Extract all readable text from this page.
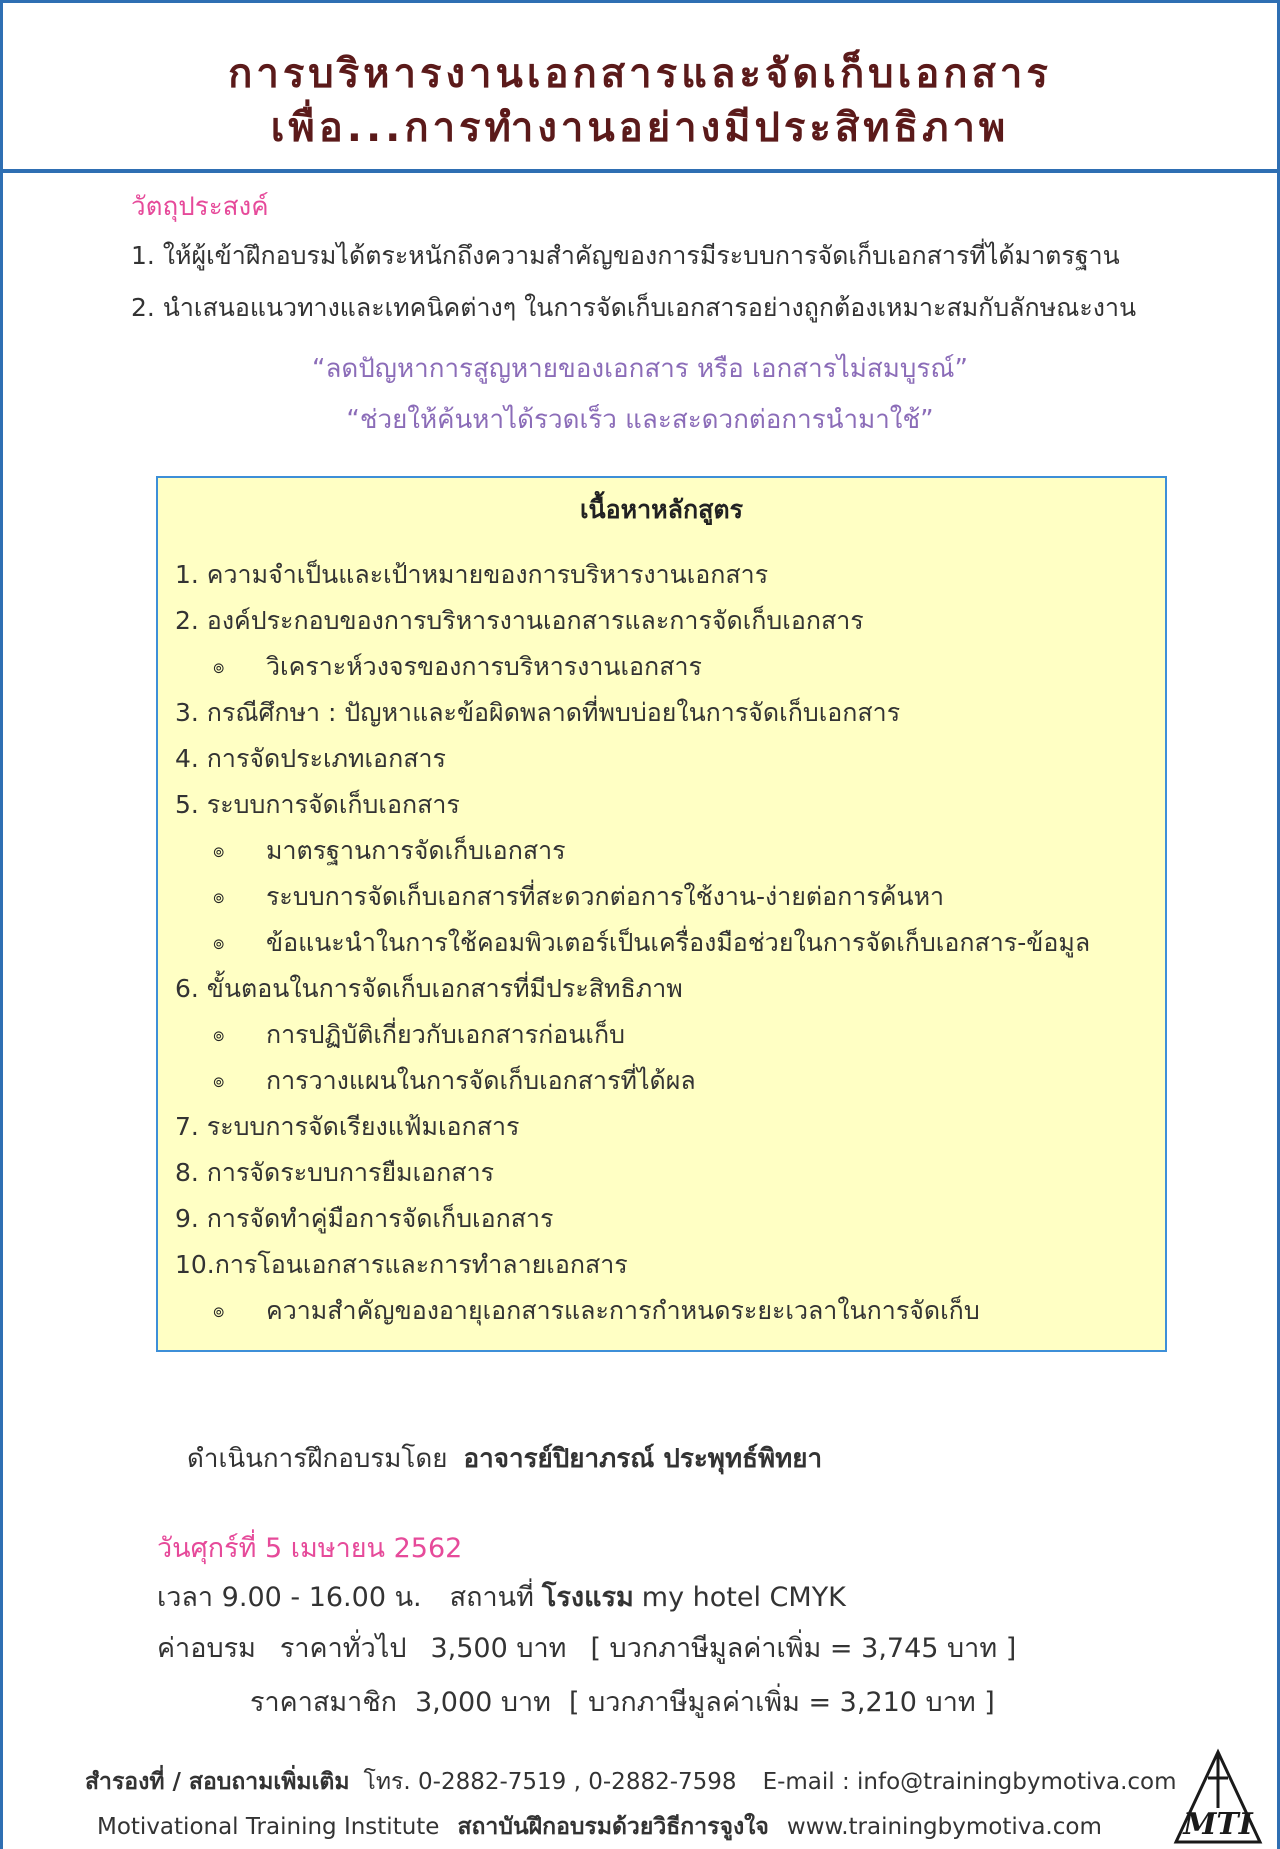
การบริหารงานเอกสารและจัดเก็บเอกสาร
เพื่อ...การทำงานอย่างมีประสิทธิภาพ
วัตถุประสงค์
1. ให้ผู้เข้าฝึกอบรมได้ตระหนักถึงความสำคัญของการมีระบบการจัดเก็บเอกสารที่ได้มาตรฐาน
2. นำเสนอแนวทางและเทคนิคต่างๆ ในการจัดเก็บเอกสารอย่างถูกต้องเหมาะสมกับลักษณะงาน
“ลดปัญหาการสูญหายของเอกสาร หรือ เอกสารไม่สมบูรณ์”
“ช่วยให้ค้นหาได้รวดเร็ว และสะดวกต่อการนำมาใช้”
เนื้อหาหลักสูตร
1. ความจำเป็นและเป้าหมายของการบริหารงานเอกสาร
2. องค์ประกอบของการบริหารงานเอกสารและการจัดเก็บเอกสาร
๏ วิเคราะห์วงจรของการบริหารงานเอกสาร
3. กรณีศึกษา : ปัญหาและข้อผิดพลาดที่พบบ่อยในการจัดเก็บเอกสาร
4. การจัดประเภทเอกสาร
5. ระบบการจัดเก็บเอกสาร
๏ มาตรฐานการจัดเก็บเอกสาร
๏ ระบบการจัดเก็บเอกสารที่สะดวกต่อการใช้งาน-ง่ายต่อการค้นหา
๏ ข้อแนะนำในการใช้คอมพิวเตอร์เป็นเครื่องมือช่วยในการจัดเก็บเอกสาร-ข้อมูล
6. ขั้นตอนในการจัดเก็บเอกสารที่มีประสิทธิภาพ
๏ การปฏิบัติเกี่ยวกับเอกสารก่อนเก็บ
๏ การวางแผนในการจัดเก็บเอกสารที่ได้ผล
7. ระบบการจัดเรียงแฟ้มเอกสาร
8. การจัดระบบการยืมเอกสาร
9. การจัดทำคู่มือการจัดเก็บเอกสาร
10.การโอนเอกสารและการทำลายเอกสาร
๏ ความสำคัญของอายุเอกสารและการกำหนดระยะเวลาในการจัดเก็บ
ดำเนินการฝึกอบรมโดย อาจารย์ปิยาภรณ์ ประพุทธ์พิทยา
วันศุกร์ที่ 5 เมษายน 2562
เวลา 9.00 - 16.00 น. สถานที่ โรงแรม my hotel CMYK
ค่าอบรม ราคาทั่วไป 3,500 บาท [ บวกภาษีมูลค่าเพิ่ม = 3,745 บาท ]
ราคาสมาชิก 3,000 บาท [ บวกภาษีมูลค่าเพิ่ม = 3,210 บาท ]
สำรองที่ / สอบถามเพิ่มเติม โทร. 0-2882-7519 , 0-2882-7598 E-mail : info@trainingbymotiva.com
Motivational Training Institute สถาบันฝึกอบรมด้วยวิธีการจูงใจ www.trainingbymotiva.com	MTI
